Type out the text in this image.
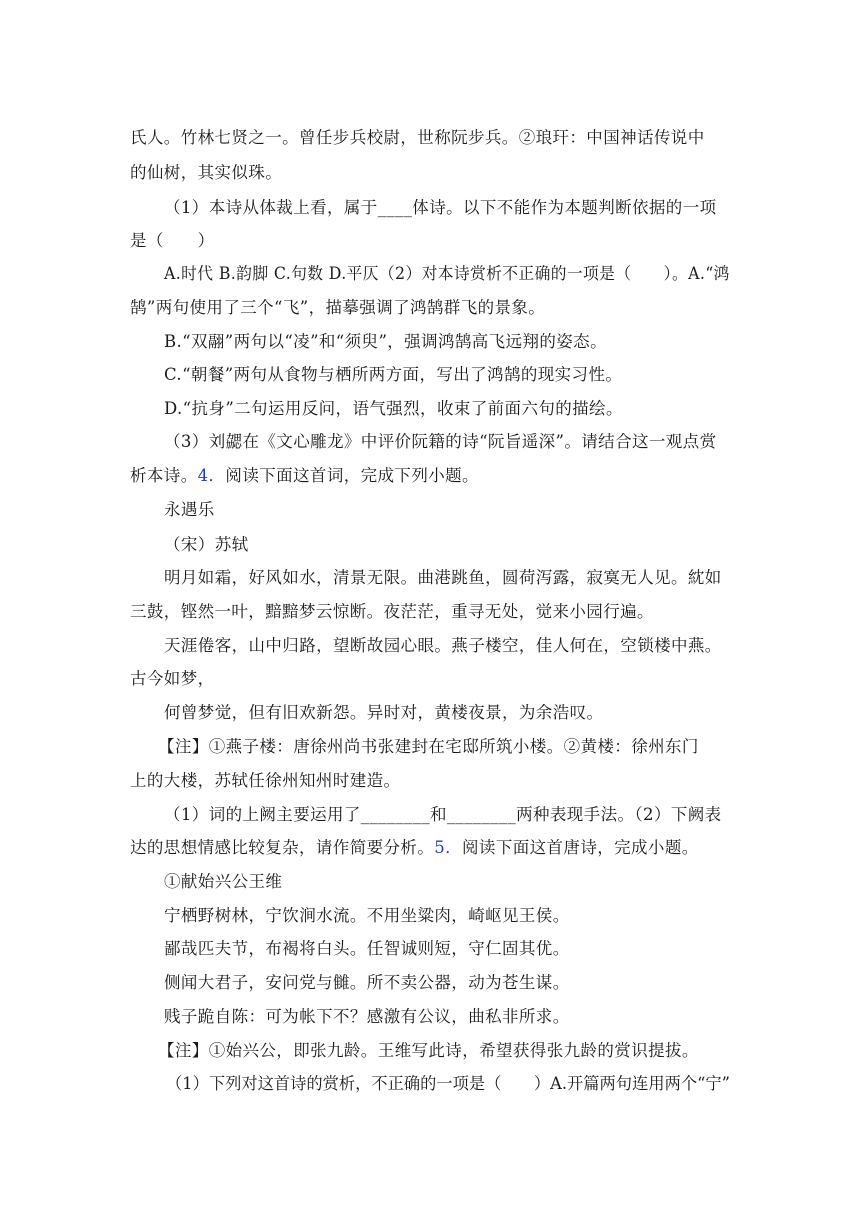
氏人。竹林七贤之一。曾任步兵校尉，世称阮步兵。②琅玕：中国神话传说中

的仙树，其实似珠。

（1）本诗从体裁上看，属于____体诗。以下不能作为本题判断依据的一项

是（　　）

A.时代 B.韵脚 C.句数 D.平仄（2）对本诗赏析不正确的一项是（　　）。A.“鸿

鹄”两句使用了三个“飞”，描摹强调了鸿鹄群飞的景象。

B.“双翮”两句以“凌”和“须臾”，强调鸿鹄高飞远翔的姿态。

C.“朝餐”两句从食物与栖所两方面，写出了鸿鹄的现实习性。

D.“抗身”二句运用反问，语气强烈，收束了前面六句的描绘。

（3）刘勰在《文心雕龙》中评价阮籍的诗“阮旨遥深”。请结合这一观点赏

析本诗。4．阅读下面这首词，完成下列小题。

永遇乐

（宋）苏轼

明月如霜，好风如水，清景无限。曲港跳鱼，圆荷泻露，寂寞无人见。紞如

三鼓，铿然一叶，黯黯梦云惊断。夜茫茫，重寻无处，觉来小园行遍。

天涯倦客，山中归路，望断故园心眼。燕子楼空，佳人何在，空锁楼中燕。

古今如梦，

何曾梦觉，但有旧欢新怨。异时对，黄楼夜景，为余浩叹。

【注】①燕子楼：唐徐州尚书张建封在宅邸所筑小楼。②黄楼：徐州东门

上的大楼，苏轼任徐州知州时建造。

（1）词的上阙主要运用了________和________两种表现手法。（2）下阙表

达的思想情感比较复杂，请作简要分析。5．阅读下面这首唐诗，完成小题。

①献始兴公王维

宁栖野树林，宁饮涧水流。不用坐粱肉，崎岖见王侯。

鄙哉匹夫节，布褐将白头。任智诚则短，守仁固其优。

侧闻大君子，安问党与雠。所不卖公器，动为苍生谋。

贱子跪自陈：可为帐下不？感激有公议，曲私非所求。

【注】①始兴公，即张九龄。王维写此诗，希望获得张九龄的赏识提拔。

（1）下列对这首诗的赏析，不正确的一项是（　　）A.开篇两句连用两个“宁”
